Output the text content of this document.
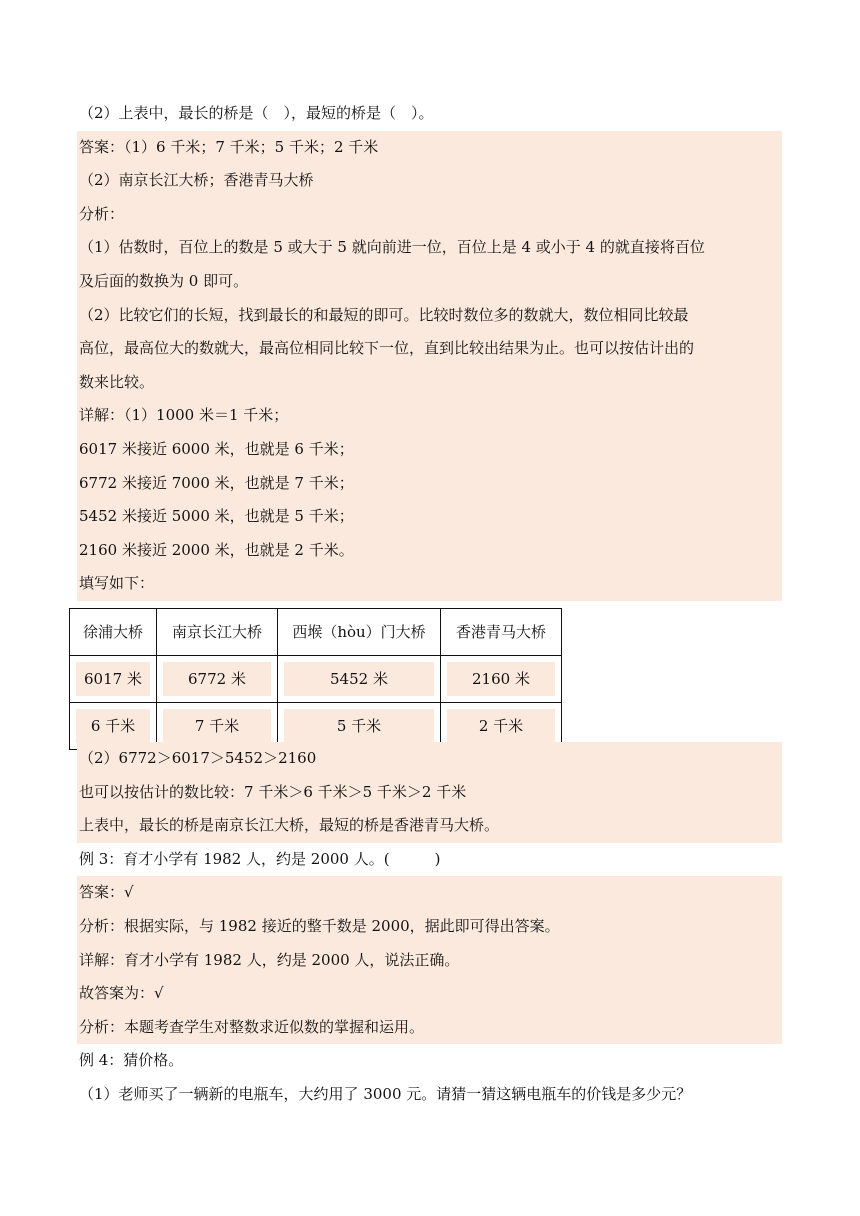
（2）上表中，最长的桥是（　），最短的桥是（　）。
答案：（1）6 千米；7 千米；5 千米；2 千米
（2）南京长江大桥；香港青马大桥
分析：
（1）估数时，百位上的数是 5 或大于 5 就向前进一位，百位上是 4 或小于 4 的就直接将百位
及后面的数换为 0 即可。
（2）比较它们的长短，找到最长的和最短的即可。比较时数位多的数就大，数位相同比较最
高位，最高位大的数就大，最高位相同比较下一位，直到比较出结果为止。也可以按估计出的
数来比较。
详解：（1）1000 米＝1 千米；
6017 米接近 6000 米，也就是 6 千米；
6772 米接近 7000 米，也就是 7 千米；
5452 米接近 5000 米，也就是 5 千米；
2160 米接近 2000 米，也就是 2 千米。
填写如下：
徐浦大桥	南京长江大桥	西堠（hòu）门大桥	香港青马大桥

6017 米	6772 米	5452 米	2160 米

6 千米	7 千米	5 千米	2 千米
（2）6772＞6017＞5452＞2160
也可以按估计的数比较：7 千米＞6 千米＞5 千米＞2 千米
上表中，最长的桥是南京长江大桥，最短的桥是香港青马大桥。
例 3：育才小学有 1982 人，约是 2000 人。(　　　)
答案：√
分析：根据实际，与 1982 接近的整千数是 2000，据此即可得出答案。
详解：育才小学有 1982 人，约是 2000 人，说法正确。
故答案为：√
分析：本题考查学生对整数求近似数的掌握和运用。
例 4：猜价格。
（1）老师买了一辆新的电瓶车，大约用了 3000 元。请猜一猜这辆电瓶车的价钱是多少元？
